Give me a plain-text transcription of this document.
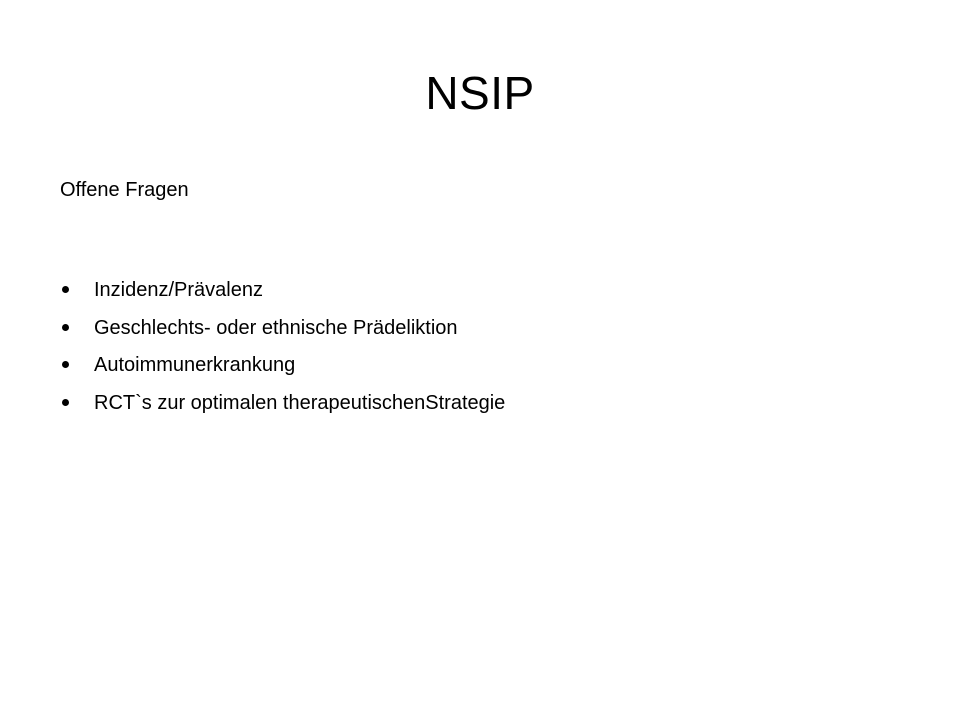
NSIP
Offene Fragen
Inzidenz/Prävalenz
Geschlechts- oder ethnische Prädeliktion
Autoimmunerkrankung
RCT`s zur optimalen therapeutischenStrategie
